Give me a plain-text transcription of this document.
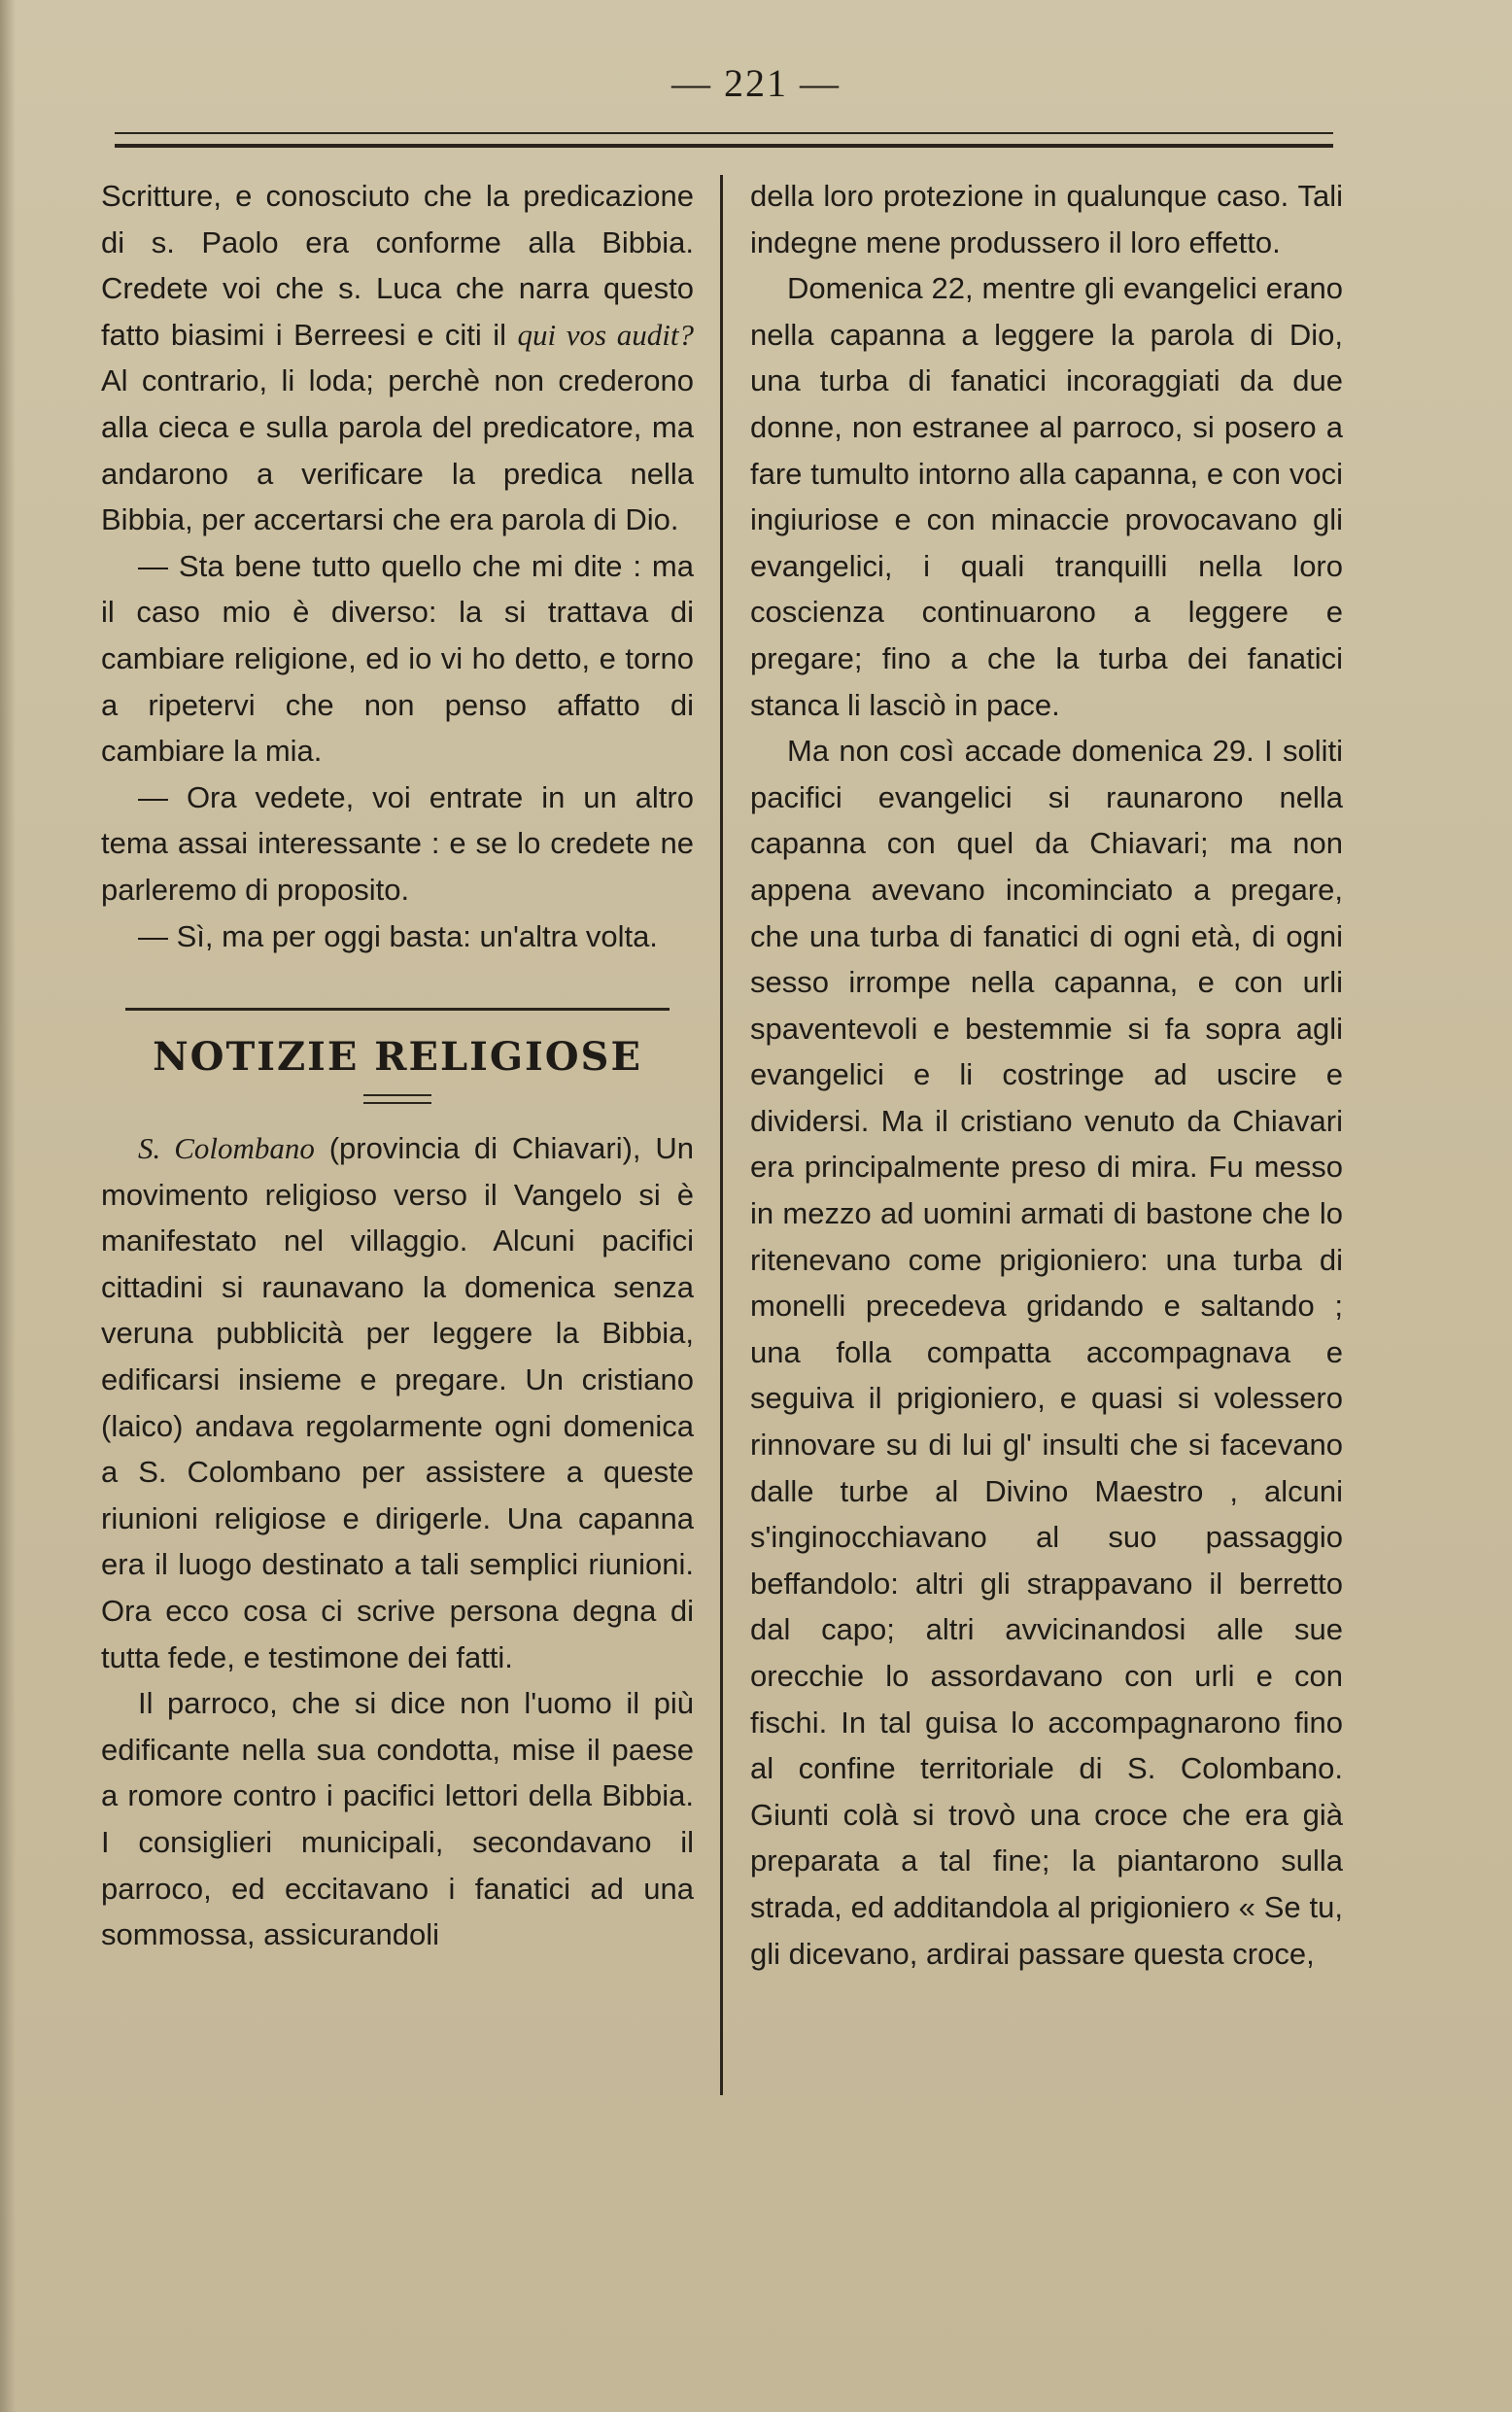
— 221 —

Scritture, e conosciuto che la predicazione di s. Paolo era conforme alla Bibbia. Credete voi che s. Luca che narra questo fatto biasimi i Berreesi e citi il qui vos audit? Al contrario, li loda; perchè non crederono alla cieca e sulla parola del predicatore, ma andarono a verificare la predica nella Bibbia, per accertarsi che era parola di Dio.

— Sta bene tutto quello che mi dite : ma il caso mio è diverso: la si trattava di cambiare religione, ed io vi ho detto, e torno a ripetervi che non penso affatto di cambiare la mia.

— Ora vedete, voi entrate in un altro tema assai interessante : e se lo credete ne parleremo di proposito.

— Sì, ma per oggi basta: un'altra volta.

NOTIZIE RELIGIOSE

S. Colombano (provincia di Chiavari), Un movimento religioso verso il Vangelo si è manifestato nel villaggio. Alcuni pacifici cittadini si raunavano la domenica senza veruna pubblicità per leggere la Bibbia, edificarsi insieme e pregare. Un cristiano (laico) andava regolarmente ogni domenica a S. Colombano per assistere a queste riunioni religiose e dirigerle. Una capanna era il luogo destinato a tali semplici riunioni. Ora ecco cosa ci scrive persona degna di tutta fede, e testimone dei fatti.

Il parroco, che si dice non l'uomo il più edificante nella sua condotta, mise il paese a romore contro i pacifici lettori della Bibbia. I consiglieri municipali, secondavano il parroco, ed eccitavano i fanatici ad una sommossa, assicurandoli

della loro protezione in qualunque caso. Tali indegne mene produssero il loro effetto.

Domenica 22, mentre gli evangelici erano nella capanna a leggere la parola di Dio, una turba di fanatici incoraggiati da due donne, non estranee al parroco, si posero a fare tumulto intorno alla capanna, e con voci ingiuriose e con minaccie provocavano gli evangelici, i quali tranquilli nella loro coscienza continuarono a leggere e pregare; fino a che la turba dei fanatici stanca li lasciò in pace.

Ma non così accade domenica 29. I soliti pacifici evangelici si raunarono nella capanna con quel da Chiavari; ma non appena avevano incominciato a pregare, che una turba di fanatici di ogni età, di ogni sesso irrompe nella capanna, e con urli spaventevoli e bestemmie si fa sopra agli evangelici e li costringe ad uscire e dividersi. Ma il cristiano venuto da Chiavari era principalmente preso di mira. Fu messo in mezzo ad uomini armati di bastone che lo ritenevano come prigioniero: una turba di monelli precedeva gridando e saltando ; una folla compatta accompagnava e seguiva il prigioniero, e quasi si volessero rinnovare su di lui gl' insulti che si facevano dalle turbe al Divino Maestro , alcuni s'inginocchiavano al suo passaggio beffandolo: altri gli strappavano il berretto dal capo; altri avvicinandosi alle sue orecchie lo assordavano con urli e con fischi. In tal guisa lo accompagnarono fino al confine territoriale di S. Colombano. Giunti colà si trovò una croce che era già preparata a tal fine; la piantarono sulla strada, ed additandola al prigioniero « Se tu, gli dicevano, ardirai passare questa croce,
